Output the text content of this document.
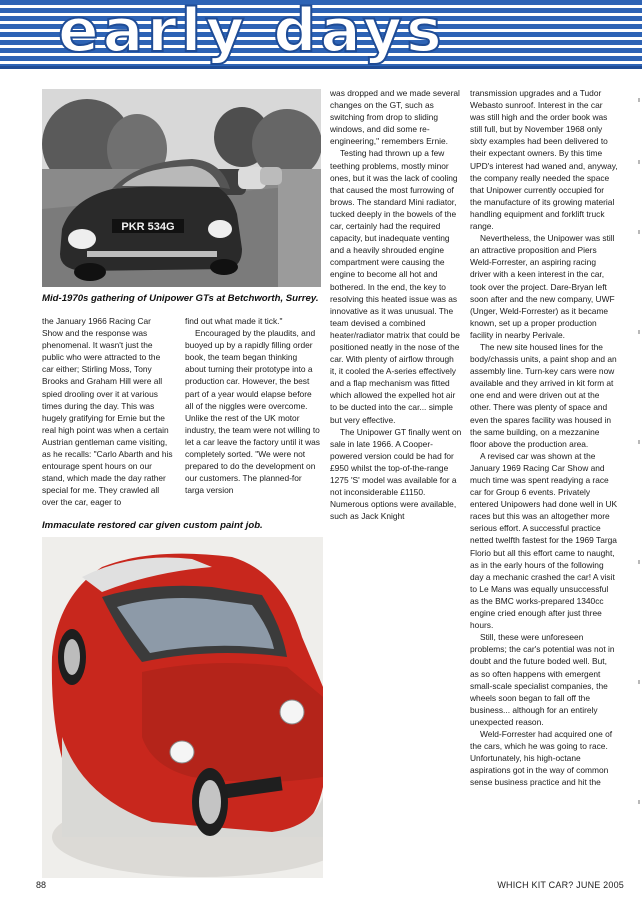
early days
PKR 534G
Mid-1970s gathering of Unipower GTs at Betchworth, Surrey.

the January 1966 Racing Car Show and the response was phenomenal. It wasn't just the public who were attracted to the car either; Stirling Moss, Tony Brooks and Graham Hill were all spied drooling over it at various times during the day. This was hugely gratifying for Ernie but the real high point was when a certain Austrian gentleman came visiting, as he recalls: "Carlo Abarth and his entourage spent hours on our stand, which made the day rather special for me. They crawled all over the car, eager to

find out what made it tick."

Encouraged by the plaudits, and buoyed up by a rapidly filling order book, the team began thinking about turning their prototype into a production car. However, the best part of a year would elapse before all of the niggles were overcome. Unlike the rest of the UK motor industry, the team were not willing to let a car leave the factory until it was completely sorted. "We were not prepared to do the development on our customers. The planned-for targa version

Immaculate restored car given custom paint job.

was dropped and we made several changes on the GT, such as switching from drop to sliding windows, and did some re-engineering," remembers Ernie.

Testing had thrown up a few teething problems, mostly minor ones, but it was the lack of cooling that caused the most furrowing of brows. The standard Mini radiator, tucked deeply in the bowels of the car, certainly had the required capacity, but inadequate venting and a heavily shrouded engine compartment were causing the engine to become all hot and bothered. In the end, the key to resolving this heated issue was as innovative as it was unusual. The team devised a combined heater/radiator matrix that could be positioned neatly in the nose of the car. With plenty of airflow through it, it cooled the A-series effectively and a flap mechanism was fitted which allowed the expelled hot air to be ducted into the car... simple but very effective.

The Unipower GT finally went on sale in late 1966. A Cooper-powered version could be had for £950 whilst the top-of-the-range 1275 'S' model was available for a not inconsiderable £1150. Numerous options were available, such as Jack Knight

transmission upgrades and a Tudor Webasto sunroof. Interest in the car was still high and the order book was still full, but by November 1968 only sixty examples had been delivered to their expectant owners. By this time UPD's interest had waned and, anyway, the company really needed the space that Unipower currently occupied for the manufacture of its growing material handling equipment and forklift truck range.

Nevertheless, the Unipower was still an attractive proposition and Piers Weld-Forrester, an aspiring racing driver with a keen interest in the car, took over the project. Dare-Bryan left soon after and the new company, UWF (Unger, Weld-Forrester) as it became known, set up a proper production facility in nearby Perivale.

The new site housed lines for the body/chassis units, a paint shop and an assembly line. Turn-key cars were now available and they arrived in kit form at one end and were driven out at the other. There was plenty of space and even the spares facility was housed in the same building, on a mezzanine floor above the production area.

A revised car was shown at the January 1969 Racing Car Show and much time was spent readying a race car for Group 6 events. Privately entered Unipowers had done well in UK races but this was an altogether more serious effort. A successful practice netted twelfth fastest for the 1969 Targa Florio but all this effort came to naught, as in the early hours of the following day a mechanic crashed the car! A visit to Le Mans was equally unsuccessful as the BMC works-prepared 1340cc engine cried enough after just three hours.

Still, these were unforeseen problems; the car's potential was not in doubt and the future boded well. But, as so often happens with emergent small-scale specialist companies, the wheels soon began to fall off the business... although for an entirely unexpected reason.

Weld-Forrester had acquired one of the cars, which he was going to race. Unfortunately, his high-octane aspirations got in the way of common sense business practice and hit the

88	WHICH KIT CAR? JUNE 2005
